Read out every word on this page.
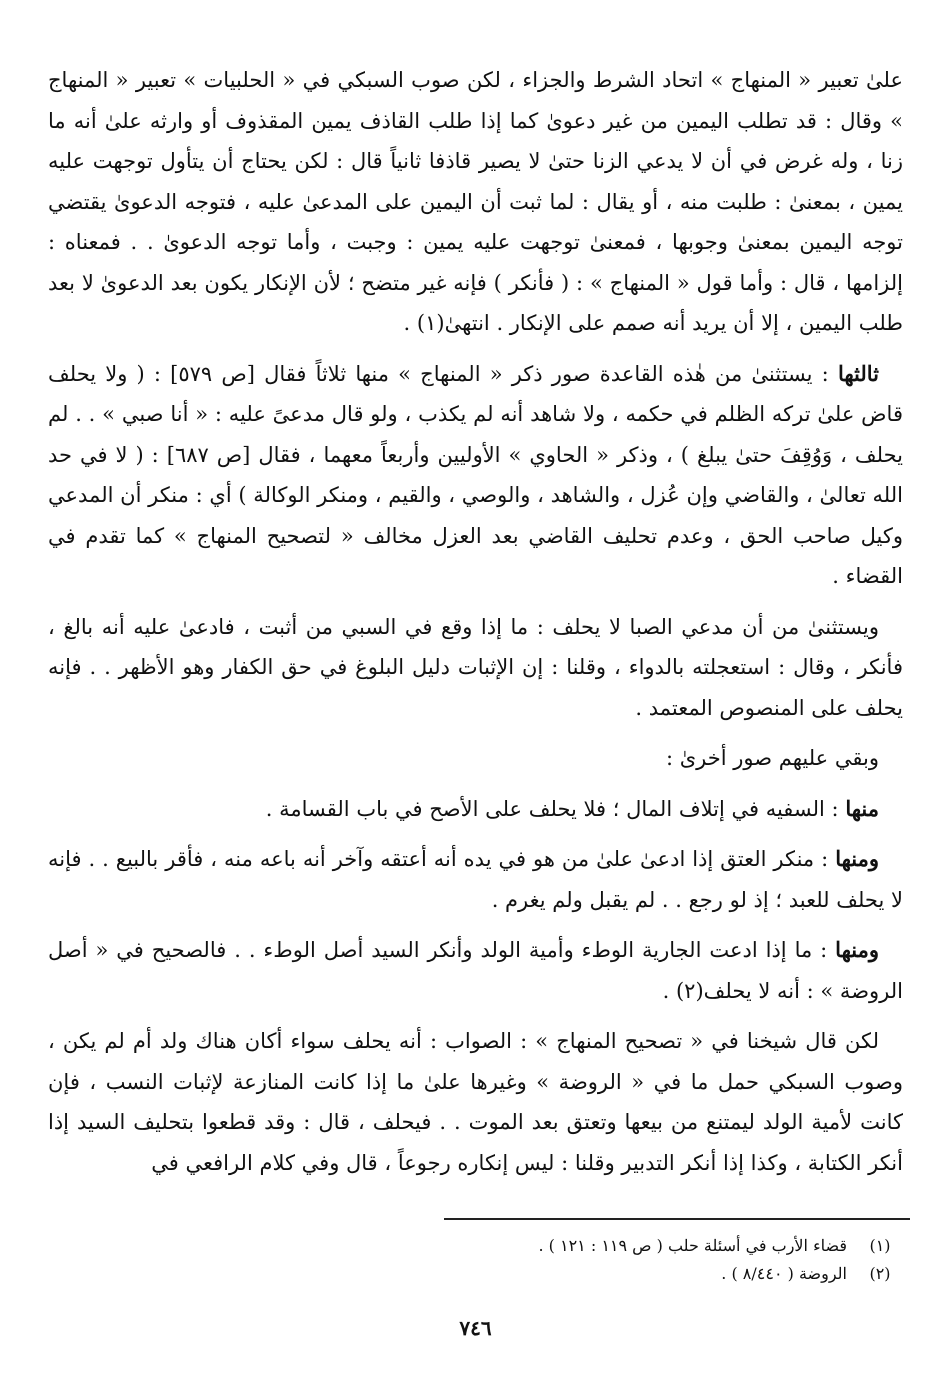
علىٰ تعبير « المنهاج » اتحاد الشرط والجزاء ، لكن صوب السبكي في « الحلبيات » تعبير « المنهاج » وقال : قد تطلب اليمين من غير دعوىٰ كما إذا طلب القاذف يمين المقذوف أو وارثه علىٰ أنه ما زنا ، وله غرض في أن لا يدعي الزنا حتىٰ لا يصير قاذفا ثانياً قال : لكن يحتاج أن يتأول توجهت عليه يمين ، بمعنىٰ : طلبت منه ، أو يقال : لما ثبت أن اليمين على المدعىٰ عليه ، فتوجه الدعوىٰ يقتضي توجه اليمين بمعنىٰ وجوبها ، فمعنىٰ توجهت عليه يمين : وجبت ، وأما توجه الدعوىٰ . . فمعناه : إلزامها ، قال : وأما قول « المنهاج » : ( فأنكر ) فإنه غير متضح ؛ لأن الإنكار يكون بعد الدعوىٰ لا بعد طلب اليمين ، إلا أن يريد أنه صمم على الإنكار . انتهىٰ(١) .

ثالثها : يستثنىٰ من هٰذه القاعدة صور ذكر « المنهاج » منها ثلاثاً فقال [ص ٥٧٩] : ( ولا يحلف قاض علىٰ تركه الظلم في حكمه ، ولا شاهد أنه لم يكذب ، ولو قال مدعىً عليه : « أنا صبي » . . لم يحلف ، وَوُقِفَ حتىٰ يبلغ ) ، وذكر « الحاوي » الأوليين وأربعاً معهما ، فقال [ص ٦٨٧] : ( لا في حد الله تعالىٰ ، والقاضي وإن عُزل ، والشاهد ، والوصي ، والقيم ، ومنكر الوكالة ) أي : منكر أن المدعي وكيل صاحب الحق ، وعدم تحليف القاضي بعد العزل مخالف « لتصحيح المنهاج » كما تقدم في القضاء .

ويستثنىٰ من أن مدعي الصبا لا يحلف : ما إذا وقع في السبي من أثبت ، فادعىٰ عليه أنه بالغ ، فأنكر ، وقال : استعجلته بالدواء ، وقلنا : إن الإثبات دليل البلوغ في حق الكفار وهو الأظهر . . فإنه يحلف على المنصوص المعتمد .

وبقي عليهم صور أخرىٰ :

منها : السفيه في إتلاف المال ؛ فلا يحلف على الأصح في باب القسامة .

ومنها : منكر العتق إذا ادعىٰ علىٰ من هو في يده أنه أعتقه وآخر أنه باعه منه ، فأقر بالبيع . . فإنه لا يحلف للعبد ؛ إذ لو رجع . . لم يقبل ولم يغرم .

ومنها : ما إذا ادعت الجارية الوطء وأمية الولد وأنكر السيد أصل الوطء . . فالصحيح في « أصل الروضة » : أنه لا يحلف(٢) .

لكن قال شيخنا في « تصحيح المنهاج » : الصواب : أنه يحلف سواء أكان هناك ولد أم لم يكن ، وصوب السبكي حمل ما في « الروضة » وغيرها علىٰ ما إذا كانت المنازعة لإثبات النسب ، فإن كانت لأمية الولد ليمتنع من بيعها وتعتق بعد الموت . . فيحلف ، قال : وقد قطعوا بتحليف السيد إذا أنكر الكتابة ، وكذا إذا أنكر التدبير وقلنا : ليس إنكاره رجوعاً ، قال وفي كلام الرافعي في

(١)
قضاء الأرب في أسئلة حلب ( ص ١١٩ : ١٢١ ) .
(٢)
الروضة ( ٨/٤٤٠ ) .
٧٤٦
